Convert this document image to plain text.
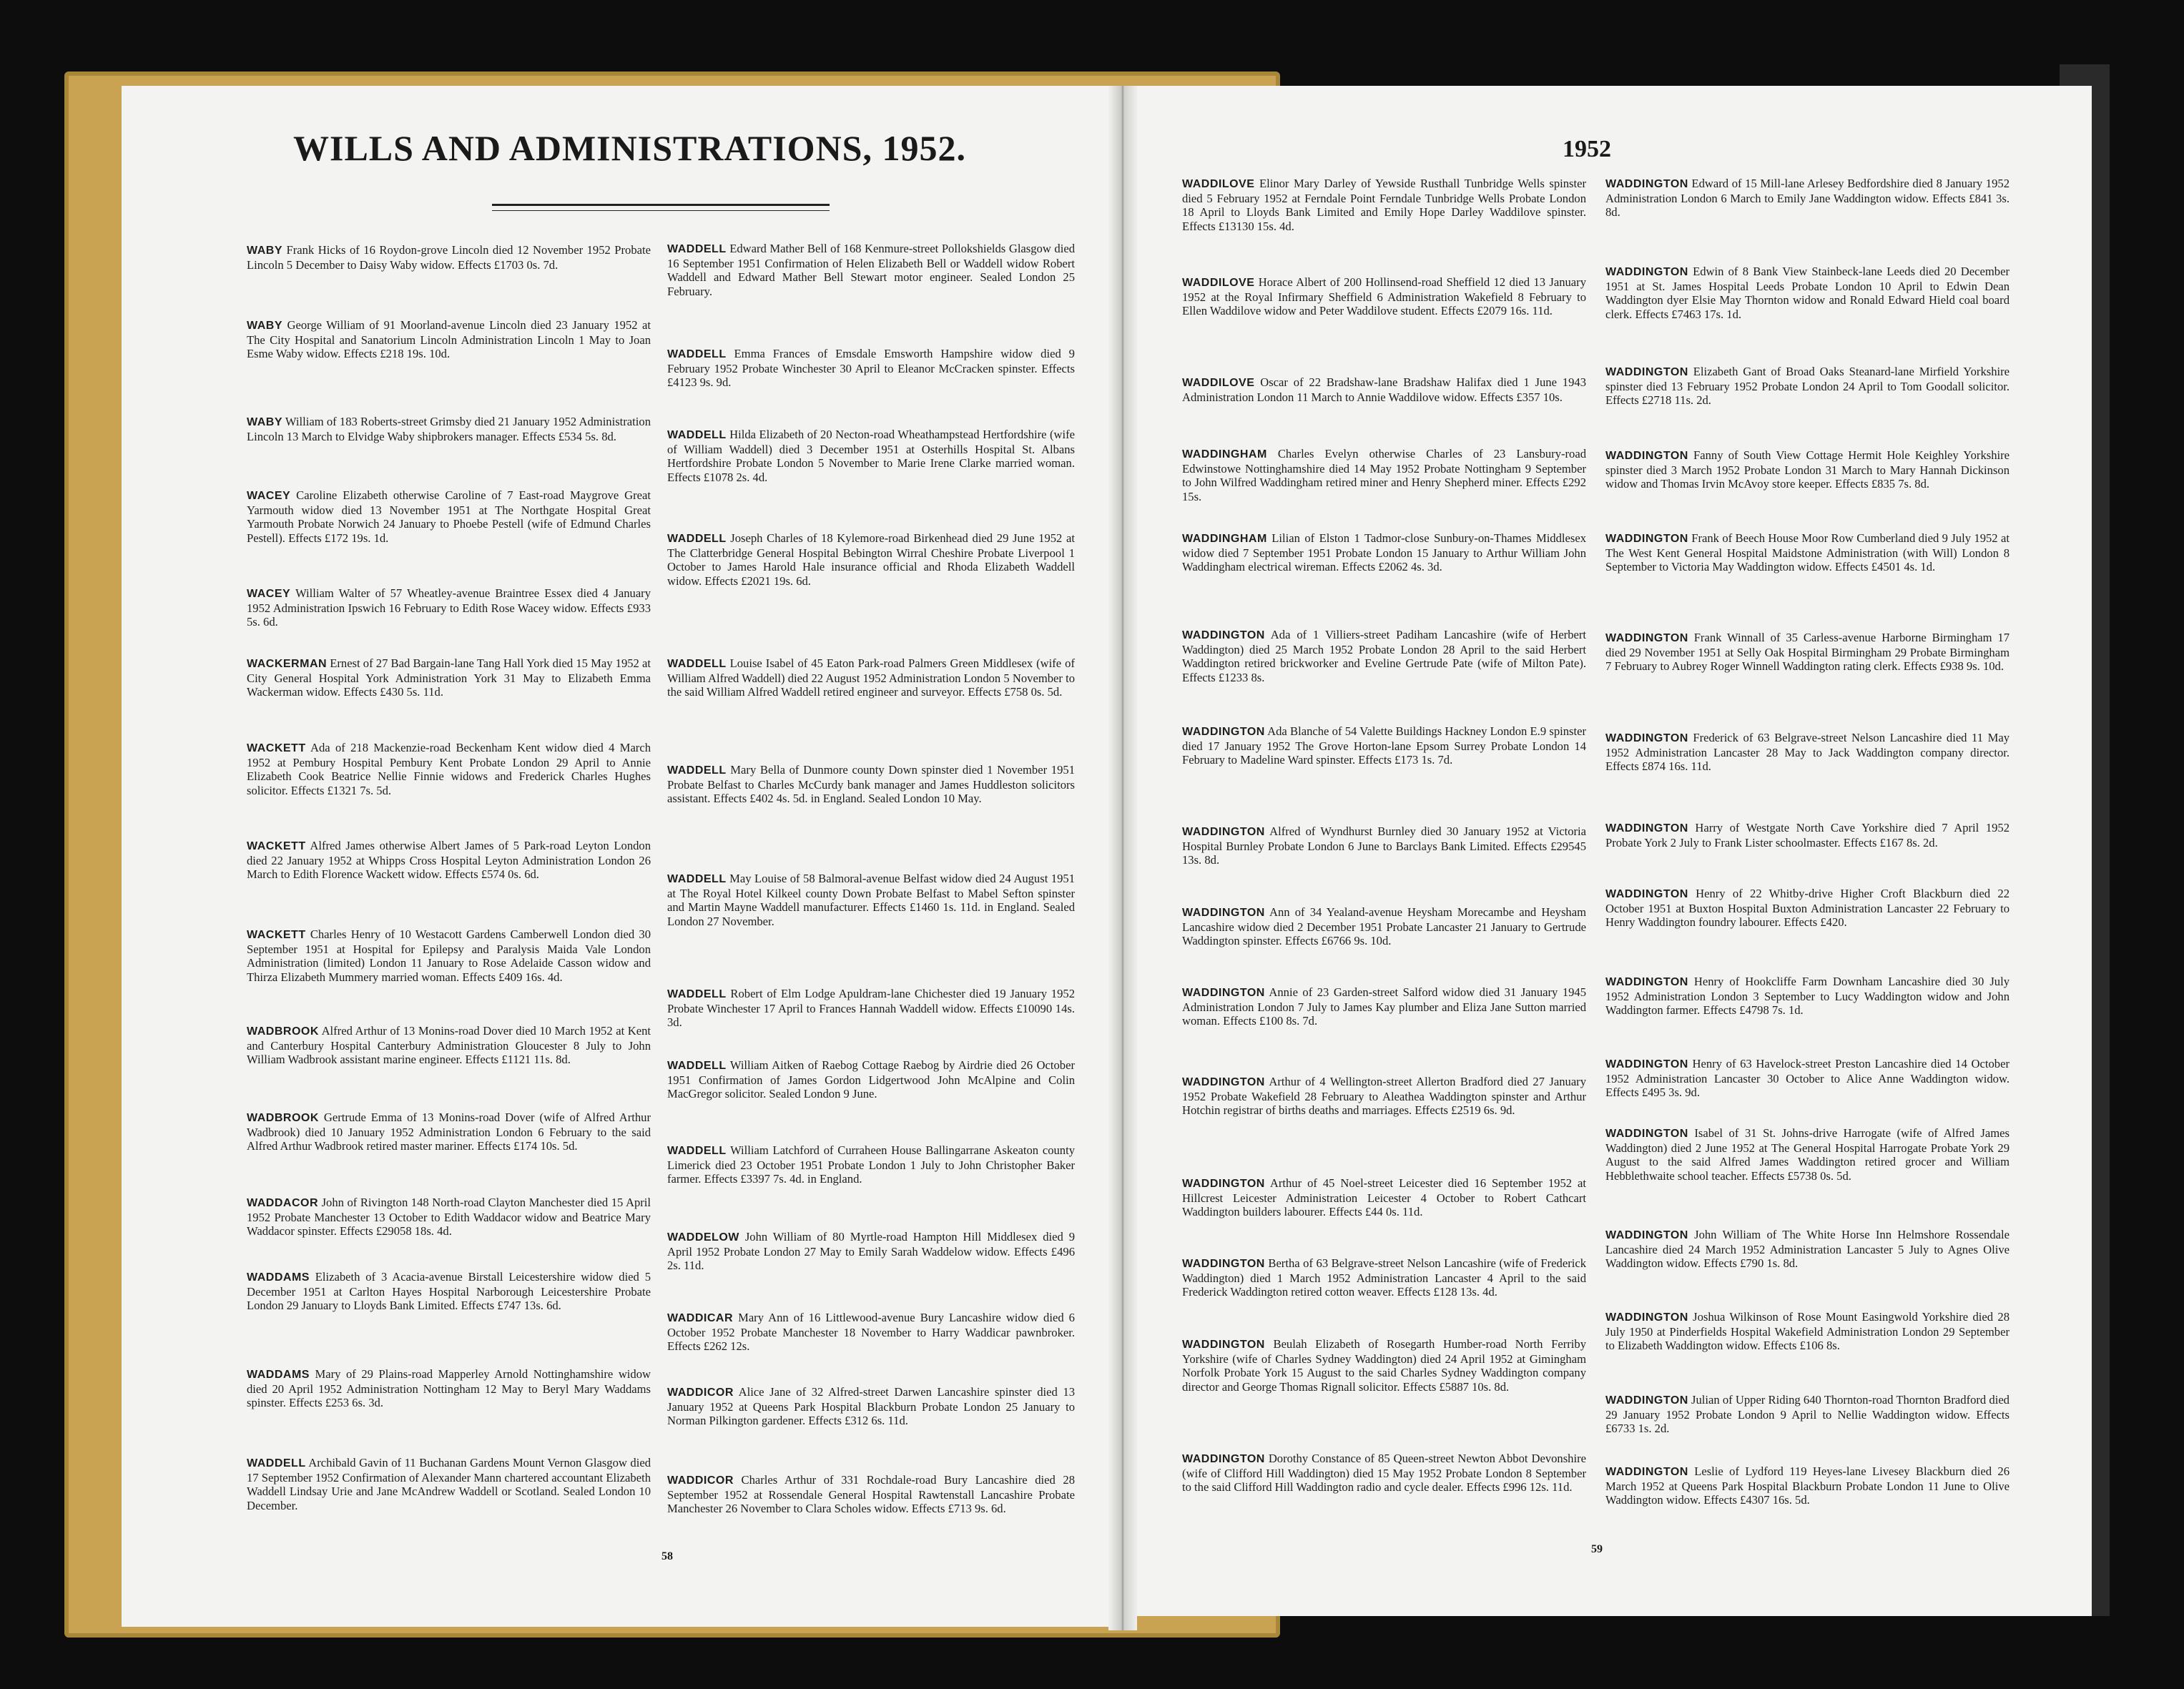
WILLS AND ADMINISTRATIONS, 1952.	1952
WABY Frank Hicks of 16 Roydon-grove Lincoln died 12 November 1952 Probate Lincoln 5 December to Daisy Waby widow. Effects £1703 0s. 7d.
WABY George William of 91 Moorland-avenue Lincoln died 23 January 1952 at The City Hospital and Sanatorium Lincoln Administration Lincoln 1 May to Joan Esme Waby widow. Effects £218 19s. 10d.
WABY William of 183 Roberts-street Grimsby died 21 January 1952 Administration Lincoln 13 March to Elvidge Waby shipbrokers manager. Effects £534 5s. 8d.
WACEY Caroline Elizabeth otherwise Caroline of 7 East-road Maygrove Great Yarmouth widow died 13 November 1951 at The Northgate Hospital Great Yarmouth Probate Norwich 24 January to Phoebe Pestell (wife of Edmund Charles Pestell). Effects £172 19s. 1d.
WACEY William Walter of 57 Wheatley-avenue Braintree Essex died 4 January 1952 Administration Ipswich 16 February to Edith Rose Wacey widow. Effects £933 5s. 6d.
WACKERMAN Ernest of 27 Bad Bargain-lane Tang Hall York died 15 May 1952 at City General Hospital York Administration York 31 May to Elizabeth Emma Wackerman widow. Effects £430 5s. 11d.
WACKETT Ada of 218 Mackenzie-road Beckenham Kent widow died 4 March 1952 at Pembury Hospital Pembury Kent Probate London 29 April to Annie Elizabeth Cook Beatrice Nellie Finnie widows and Frederick Charles Hughes solicitor. Effects £1321 7s. 5d.
WACKETT Alfred James otherwise Albert James of 5 Park-road Leyton London died 22 January 1952 at Whipps Cross Hospital Leyton Administration London 26 March to Edith Florence Wackett widow. Effects £574 0s. 6d.
WACKETT Charles Henry of 10 Westacott Gardens Camberwell London died 30 September 1951 at Hospital for Epilepsy and Paralysis Maida Vale London Administration (limited) London 11 January to Rose Adelaide Casson widow and Thirza Elizabeth Mummery married woman. Effects £409 16s. 4d.
WADBROOK Alfred Arthur of 13 Monins-road Dover died 10 March 1952 at Kent and Canterbury Hospital Canterbury Administration Gloucester 8 July to John William Wadbrook assistant marine engineer. Effects £1121 11s. 8d.
WADBROOK Gertrude Emma of 13 Monins-road Dover (wife of Alfred Arthur Wadbrook) died 10 January 1952 Administration London 6 February to the said Alfred Arthur Wadbrook retired master mariner. Effects £174 10s. 5d.
WADDACOR John of Rivington 148 North-road Clayton Manchester died 15 April 1952 Probate Manchester 13 October to Edith Waddacor widow and Beatrice Mary Waddacor spinster. Effects £29058 18s. 4d.
WADDAMS Elizabeth of 3 Acacia-avenue Birstall Leicestershire widow died 5 December 1951 at Carlton Hayes Hospital Narborough Leicestershire Probate London 29 January to Lloyds Bank Limited. Effects £747 13s. 6d.
WADDAMS Mary of 29 Plains-road Mapperley Arnold Nottinghamshire widow died 20 April 1952 Administration Nottingham 12 May to Beryl Mary Waddams spinster. Effects £253 6s. 3d.
WADDELL Archibald Gavin of 11 Buchanan Gardens Mount Vernon Glasgow died 17 September 1952 Confirmation of Alexander Mann chartered accountant Elizabeth Waddell Lindsay Urie and Jane McAndrew Waddell or Scotland. Sealed London 10 December.
WADDELL Edward Mather Bell of 168 Kenmure-street Pollokshields Glasgow died 16 September 1951 Confirmation of Helen Elizabeth Bell or Waddell widow Robert Waddell and Edward Mather Bell Stewart motor engineer. Sealed London 25 February.
WADDELL Emma Frances of Emsdale Emsworth Hampshire widow died 9 February 1952 Probate Winchester 30 April to Eleanor McCracken spinster. Effects £4123 9s. 9d.
WADDELL Hilda Elizabeth of 20 Necton-road Wheathampstead Hertfordshire (wife of William Waddell) died 3 December 1951 at Osterhills Hospital St. Albans Hertfordshire Probate London 5 November to Marie Irene Clarke married woman. Effects £1078 2s. 4d.
WADDELL Joseph Charles of 18 Kylemore-road Birkenhead died 29 June 1952 at The Clatterbridge General Hospital Bebington Wirral Cheshire Probate Liverpool 1 October to James Harold Hale insurance official and Rhoda Elizabeth Waddell widow. Effects £2021 19s. 6d.
WADDELL Louise Isabel of 45 Eaton Park-road Palmers Green Middlesex (wife of William Alfred Waddell) died 22 August 1952 Administration London 5 November to the said William Alfred Waddell retired engineer and surveyor. Effects £758 0s. 5d.
WADDELL Mary Bella of Dunmore county Down spinster died 1 November 1951 Probate Belfast to Charles McCurdy bank manager and James Huddleston solicitors assistant. Effects £402 4s. 5d. in England. Sealed London 10 May.
WADDELL May Louise of 58 Balmoral-avenue Belfast widow died 24 August 1951 at The Royal Hotel Kilkeel county Down Probate Belfast to Mabel Sefton spinster and Martin Mayne Waddell manufacturer. Effects £1460 1s. 11d. in England. Sealed London 27 November.
WADDELL Robert of Elm Lodge Apuldram-lane Chichester died 19 January 1952 Probate Winchester 17 April to Frances Hannah Waddell widow. Effects £10090 14s. 3d.
WADDELL William Aitken of Raebog Cottage Raebog by Airdrie died 26 October 1951 Confirmation of James Gordon Lidgertwood John McAlpine and Colin MacGregor solicitor. Sealed London 9 June.
WADDELL William Latchford of Curraheen House Ballingarrane Askeaton county Limerick died 23 October 1951 Probate London 1 July to John Christopher Baker farmer. Effects £3397 7s. 4d. in England.
WADDELOW John William of 80 Myrtle-road Hampton Hill Middlesex died 9 April 1952 Probate London 27 May to Emily Sarah Waddelow widow. Effects £496 2s. 11d.
WADDICAR Mary Ann of 16 Littlewood-avenue Bury Lancashire widow died 6 October 1952 Probate Manchester 18 November to Harry Waddicar pawnbroker. Effects £262 12s.
WADDICOR Alice Jane of 32 Alfred-street Darwen Lancashire spinster died 13 January 1952 at Queens Park Hospital Blackburn Probate London 25 January to Norman Pilkington gardener. Effects £312 6s. 11d.
WADDICOR Charles Arthur of 331 Rochdale-road Bury Lancashire died 28 September 1952 at Rossendale General Hospital Rawtenstall Lancashire Probate Manchester 26 November to Clara Scholes widow. Effects £713 9s. 6d.
WADDILOVE Elinor Mary Darley of Yewside Rusthall Tunbridge Wells spinster died 5 February 1952 at Ferndale Point Ferndale Tunbridge Wells Probate London 18 April to Lloyds Bank Limited and Emily Hope Darley Waddilove spinster. Effects £13130 15s. 4d.
WADDILOVE Horace Albert of 200 Hollinsend-road Sheffield 12 died 13 January 1952 at the Royal Infirmary Sheffield 6 Administration Wakefield 8 February to Ellen Waddilove widow and Peter Waddilove student. Effects £2079 16s. 11d.
WADDILOVE Oscar of 22 Bradshaw-lane Bradshaw Halifax died 1 June 1943 Administration London 11 March to Annie Waddilove widow. Effects £357 10s.
WADDINGHAM Charles Evelyn otherwise Charles of 23 Lansbury-road Edwinstowe Nottinghamshire died 14 May 1952 Probate Nottingham 9 September to John Wilfred Waddingham retired miner and Henry Shepherd miner. Effects £292 15s.
WADDINGHAM Lilian of Elston 1 Tadmor-close Sunbury-on-Thames Middlesex widow died 7 September 1951 Probate London 15 January to Arthur William John Waddingham electrical wireman. Effects £2062 4s. 3d.
WADDINGTON Ada of 1 Villiers-street Padiham Lancashire (wife of Herbert Waddington) died 25 March 1952 Probate London 28 April to the said Herbert Waddington retired brickworker and Eveline Gertrude Pate (wife of Milton Pate). Effects £1233 8s.
WADDINGTON Ada Blanche of 54 Valette Buildings Hackney London E.9 spinster died 17 January 1952 The Grove Horton-lane Epsom Surrey Probate London 14 February to Madeline Ward spinster. Effects £173 1s. 7d.
WADDINGTON Alfred of Wyndhurst Burnley died 30 January 1952 at Victoria Hospital Burnley Probate London 6 June to Barclays Bank Limited. Effects £29545 13s. 8d.
WADDINGTON Ann of 34 Yealand-avenue Heysham Morecambe and Heysham Lancashire widow died 2 December 1951 Probate Lancaster 21 January to Gertrude Waddington spinster. Effects £6766 9s. 10d.
WADDINGTON Annie of 23 Garden-street Salford widow died 31 January 1945 Administration London 7 July to James Kay plumber and Eliza Jane Sutton married woman. Effects £100 8s. 7d.
WADDINGTON Arthur of 4 Wellington-street Allerton Bradford died 27 January 1952 Probate Wakefield 28 February to Aleathea Waddington spinster and Arthur Hotchin registrar of births deaths and marriages. Effects £2519 6s. 9d.
WADDINGTON Arthur of 45 Noel-street Leicester died 16 September 1952 at Hillcrest Leicester Administration Leicester 4 October to Robert Cathcart Waddington builders labourer. Effects £44 0s. 11d.
WADDINGTON Bertha of 63 Belgrave-street Nelson Lancashire (wife of Frederick Waddington) died 1 March 1952 Administration Lancaster 4 April to the said Frederick Waddington retired cotton weaver. Effects £128 13s. 4d.
WADDINGTON Beulah Elizabeth of Rosegarth Humber-road North Ferriby Yorkshire (wife of Charles Sydney Waddington) died 24 April 1952 at Gimingham Norfolk Probate York 15 August to the said Charles Sydney Waddington company director and George Thomas Rignall solicitor. Effects £5887 10s. 8d.
WADDINGTON Dorothy Constance of 85 Queen-street Newton Abbot Devonshire (wife of Clifford Hill Waddington) died 15 May 1952 Probate London 8 September to the said Clifford Hill Waddington radio and cycle dealer. Effects £996 12s. 11d.
WADDINGTON Edward of 15 Mill-lane Arlesey Bedfordshire died 8 January 1952 Administration London 6 March to Emily Jane Waddington widow. Effects £841 3s. 8d.
WADDINGTON Edwin of 8 Bank View Stainbeck-lane Leeds died 20 December 1951 at St. James Hospital Leeds Probate London 10 April to Edwin Dean Waddington dyer Elsie May Thornton widow and Ronald Edward Hield coal board clerk. Effects £7463 17s. 1d.
WADDINGTON Elizabeth Gant of Broad Oaks Steanard-lane Mirfield Yorkshire spinster died 13 February 1952 Probate London 24 April to Tom Goodall solicitor. Effects £2718 11s. 2d.
WADDINGTON Fanny of South View Cottage Hermit Hole Keighley Yorkshire spinster died 3 March 1952 Probate London 31 March to Mary Hannah Dickinson widow and Thomas Irvin McAvoy store keeper. Effects £835 7s. 8d.
WADDINGTON Frank of Beech House Moor Row Cumberland died 9 July 1952 at The West Kent General Hospital Maidstone Administration (with Will) London 8 September to Victoria May Waddington widow. Effects £4501 4s. 1d.
WADDINGTON Frank Winnall of 35 Carless-avenue Harborne Birmingham 17 died 29 November 1951 at Selly Oak Hospital Birmingham 29 Probate Birmingham 7 February to Aubrey Roger Winnell Waddington rating clerk. Effects £938 9s. 10d.
WADDINGTON Frederick of 63 Belgrave-street Nelson Lancashire died 11 May 1952 Administration Lancaster 28 May to Jack Waddington company director. Effects £874 16s. 11d.
WADDINGTON Harry of Westgate North Cave Yorkshire died 7 April 1952 Probate York 2 July to Frank Lister schoolmaster. Effects £167 8s. 2d.
WADDINGTON Henry of 22 Whitby-drive Higher Croft Blackburn died 22 October 1951 at Buxton Hospital Buxton Administration Lancaster 22 February to Henry Waddington foundry labourer. Effects £420.
WADDINGTON Henry of Hookcliffe Farm Downham Lancashire died 30 July 1952 Administration London 3 September to Lucy Waddington widow and John Waddington farmer. Effects £4798 7s. 1d.
WADDINGTON Henry of 63 Havelock-street Preston Lancashire died 14 October 1952 Administration Lancaster 30 October to Alice Anne Waddington widow. Effects £495 3s. 9d.
WADDINGTON Isabel of 31 St. Johns-drive Harrogate (wife of Alfred James Waddington) died 2 June 1952 at The General Hospital Harrogate Probate York 29 August to the said Alfred James Waddington retired grocer and William Hebblethwaite school teacher. Effects £5738 0s. 5d.
WADDINGTON John William of The White Horse Inn Helmshore Rossendale Lancashire died 24 March 1952 Administration Lancaster 5 July to Agnes Olive Waddington widow. Effects £790 1s. 8d.
WADDINGTON Joshua Wilkinson of Rose Mount Easingwold Yorkshire died 28 July 1950 at Pinderfields Hospital Wakefield Administration London 29 September to Elizabeth Waddington widow. Effects £106 8s.
WADDINGTON Julian of Upper Riding 640 Thornton-road Thornton Bradford died 29 January 1952 Probate London 9 April to Nellie Waddington widow. Effects £6733 1s. 2d.
WADDINGTON Leslie of Lydford 119 Heyes-lane Livesey Blackburn died 26 March 1952 at Queens Park Hospital Blackburn Probate London 11 June to Olive Waddington widow. Effects £4307 16s. 5d.
58
59
